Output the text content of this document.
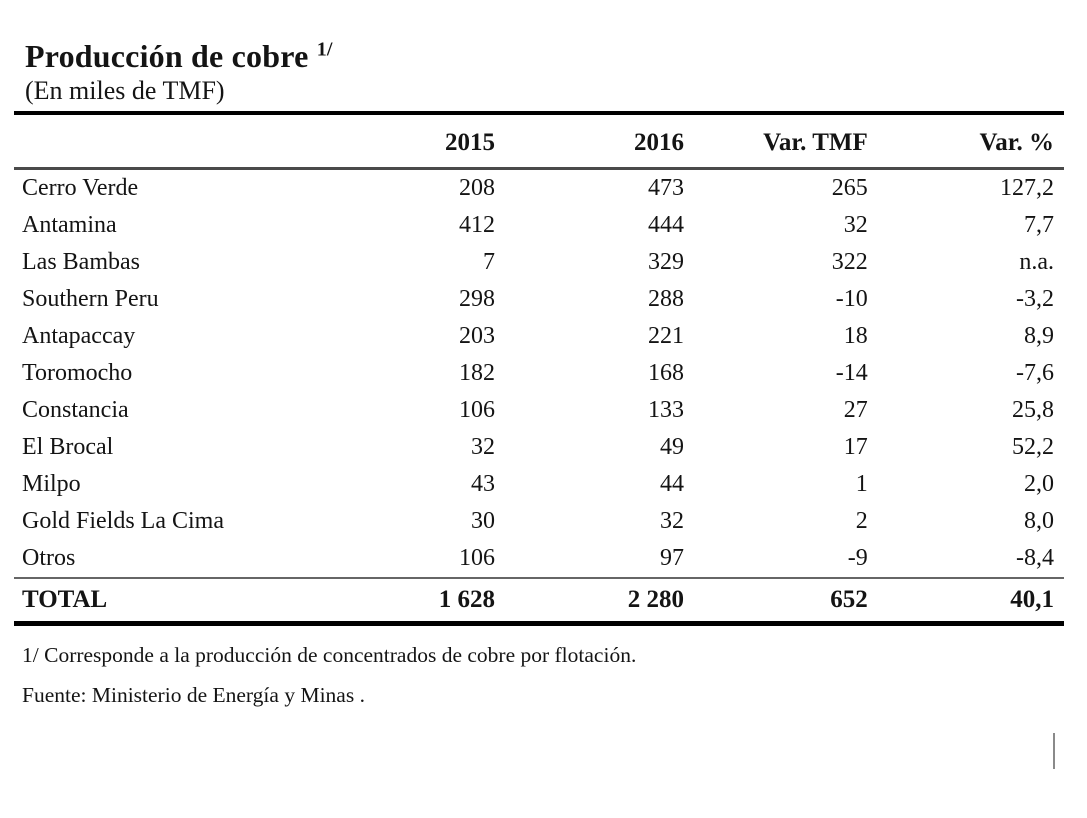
Producción de cobre $^{1/}$

(En miles de TMF)

	2015	2016	Var. TMF	Var. %
Cerro Verde	208	473	265	127,2
Antamina	412	444	32	7,7
Las Bambas	7	329	322	n.a.
Southern Peru	298	288	-10	-3,2
Antapaccay	203	221	18	8,9
Toromocho	182	168	-14	-7,6
Constancia	106	133	27	25,8
El Brocal	32	49	17	52,2
Milpo	43	44	1	2,0
Gold Fields La Cima	30	32	2	8,0
Otros	106	97	-9	-8,4
TOTAL	1 628	2 280	652	40,1

1/ Corresponde a la producción de concentrados de cobre por flotación.

Fuente: Ministerio de Energía y Minas .
